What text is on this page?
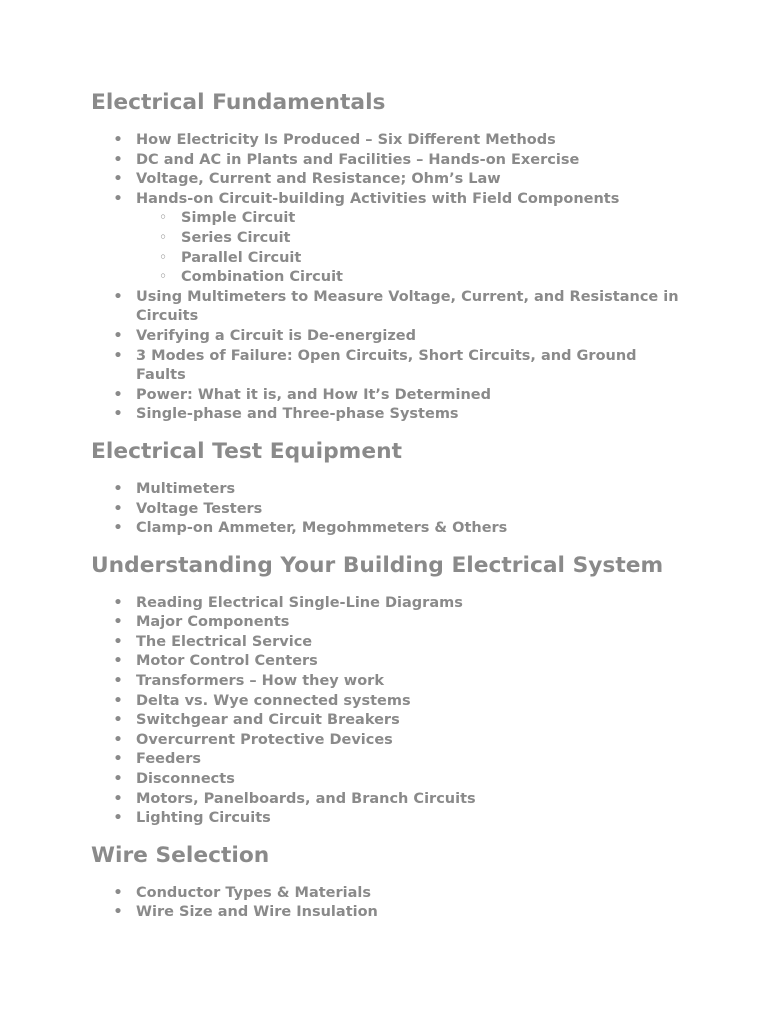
Electrical Fundamentals
• How Electricity Is Produced – Six Different Methods
• DC and AC in Plants and Facilities – Hands-on Exercise
• Voltage, Current and Resistance; Ohm’s Law
• Hands-on Circuit-building Activities with Field Components
◦ Simple Circuit
◦ Series Circuit
◦ Parallel Circuit
◦ Combination Circuit
• Using Multimeters to Measure Voltage, Current, and Resistance in Circuits
• Verifying a Circuit is De-energized
• 3 Modes of Failure: Open Circuits, Short Circuits, and Ground Faults
• Power: What it is, and How It’s Determined
• Single-phase and Three-phase Systems
Electrical Test Equipment
• Multimeters
• Voltage Testers
• Clamp-on Ammeter, Megohmmeters & Others
Understanding Your Building Electrical System
• Reading Electrical Single-Line Diagrams
• Major Components
• The Electrical Service
• Motor Control Centers
• Transformers – How they work
• Delta vs. Wye connected systems
• Switchgear and Circuit Breakers
• Overcurrent Protective Devices
• Feeders
• Disconnects
• Motors, Panelboards, and Branch Circuits
• Lighting Circuits
Wire Selection
• Conductor Types & Materials
• Wire Size and Wire Insulation
